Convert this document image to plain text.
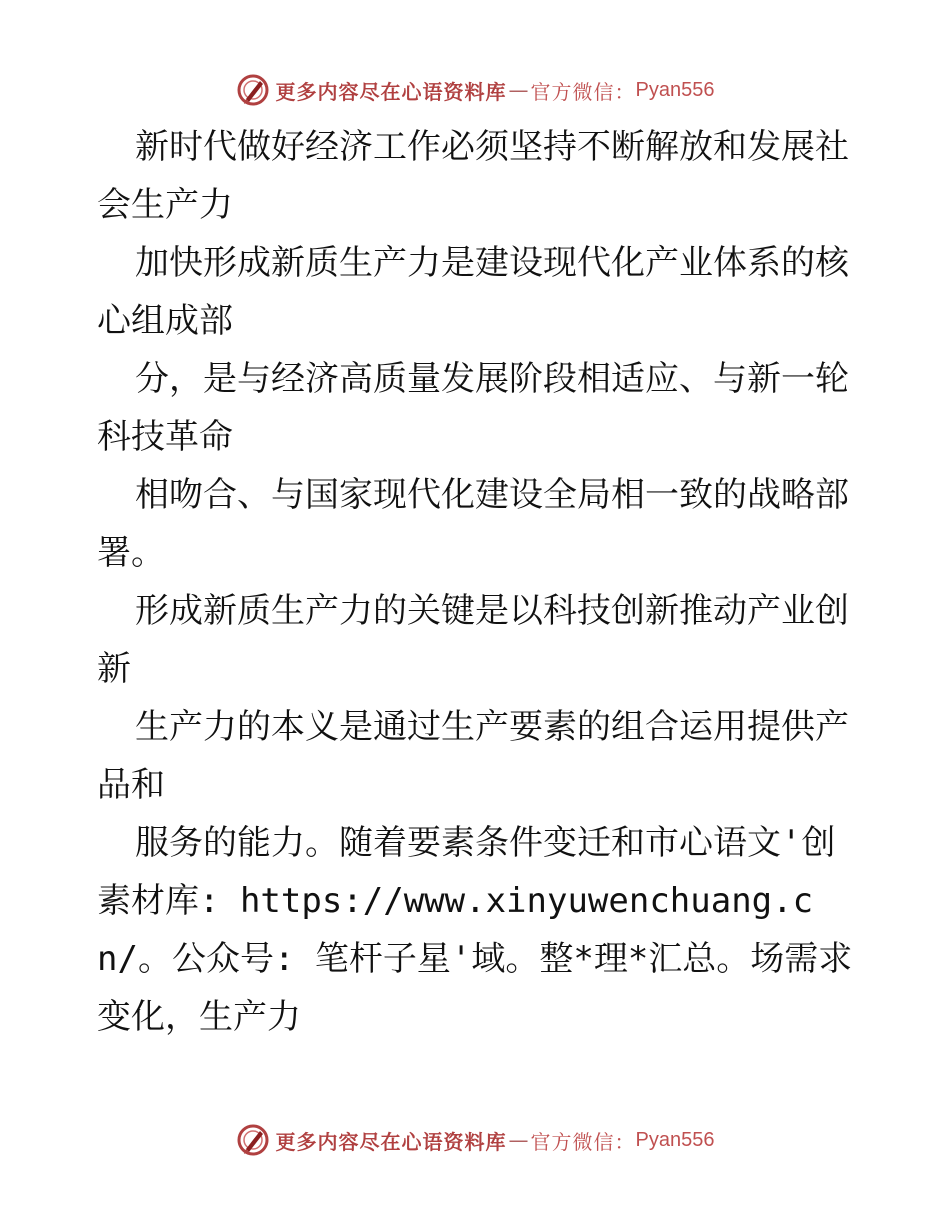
更多内容尽在心语资料库 — 官方微信： Pyan556

新时代做好经济工作必须坚持不断解放和发展社会生产力

加快形成新质生产力是建设现代化产业体系的核心组成部

分，是与经济高质量发展阶段相适应、与新一轮科技革命

相吻合、与国家现代化建设全局相一致的战略部署。

形成新质生产力的关键是以科技创新推动产业创新

生产力的本义是通过生产要素的组合运用提供产品和

服务的能力。随着要素条件变迁和市心语文'创素材库: https://www.xinyuwenchuang.cn/。公众号: 笔杆子星'域。整*理*汇总。场需求变化，生产力

更多内容尽在心语资料库 — 官方微信： Pyan556
